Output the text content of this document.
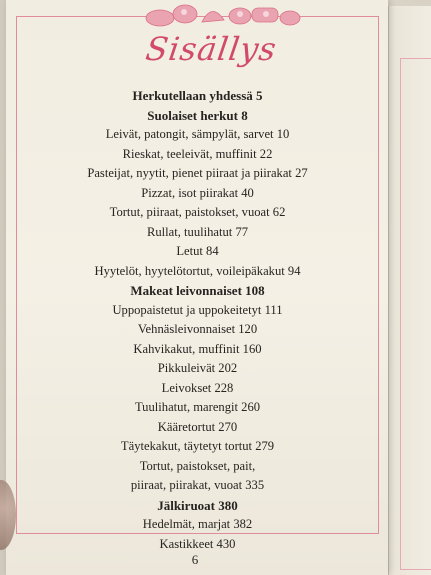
Sisällys
Herkutellaan yhdessä 5
Suolaiset herkut 8
Leivät, patongit, sämpylät, sarvet 10
Rieskat, teeleivät, muffinit 22
Pasteijat, nyytit, pienet piiraat ja piirakat 27
Pizzat, isot piirakat 40
Tortut, piiraat, paistokset, vuoat 62
Rullat, tuulihatut 77
Letut 84
Hyytelöt, hyytelötortut, voileipäkakut 94
Makeat leivonnaiset 108
Uppopaistetut ja uppokeitetyt 111
Vehnäsleivonnaiset 120
Kahvikakut, muffinit 160
Pikkuleivät 202
Leivokset 228
Tuulihatut, marengit 260
Kääretortut 270
Täytekakut, täytetyt tortut 279
Tortut, paistokset, pait,
piiraat, piirakat, vuoat 335
Jälkiruoat 380
Hedelmät, marjat 382
Kastikkeet 430
6
